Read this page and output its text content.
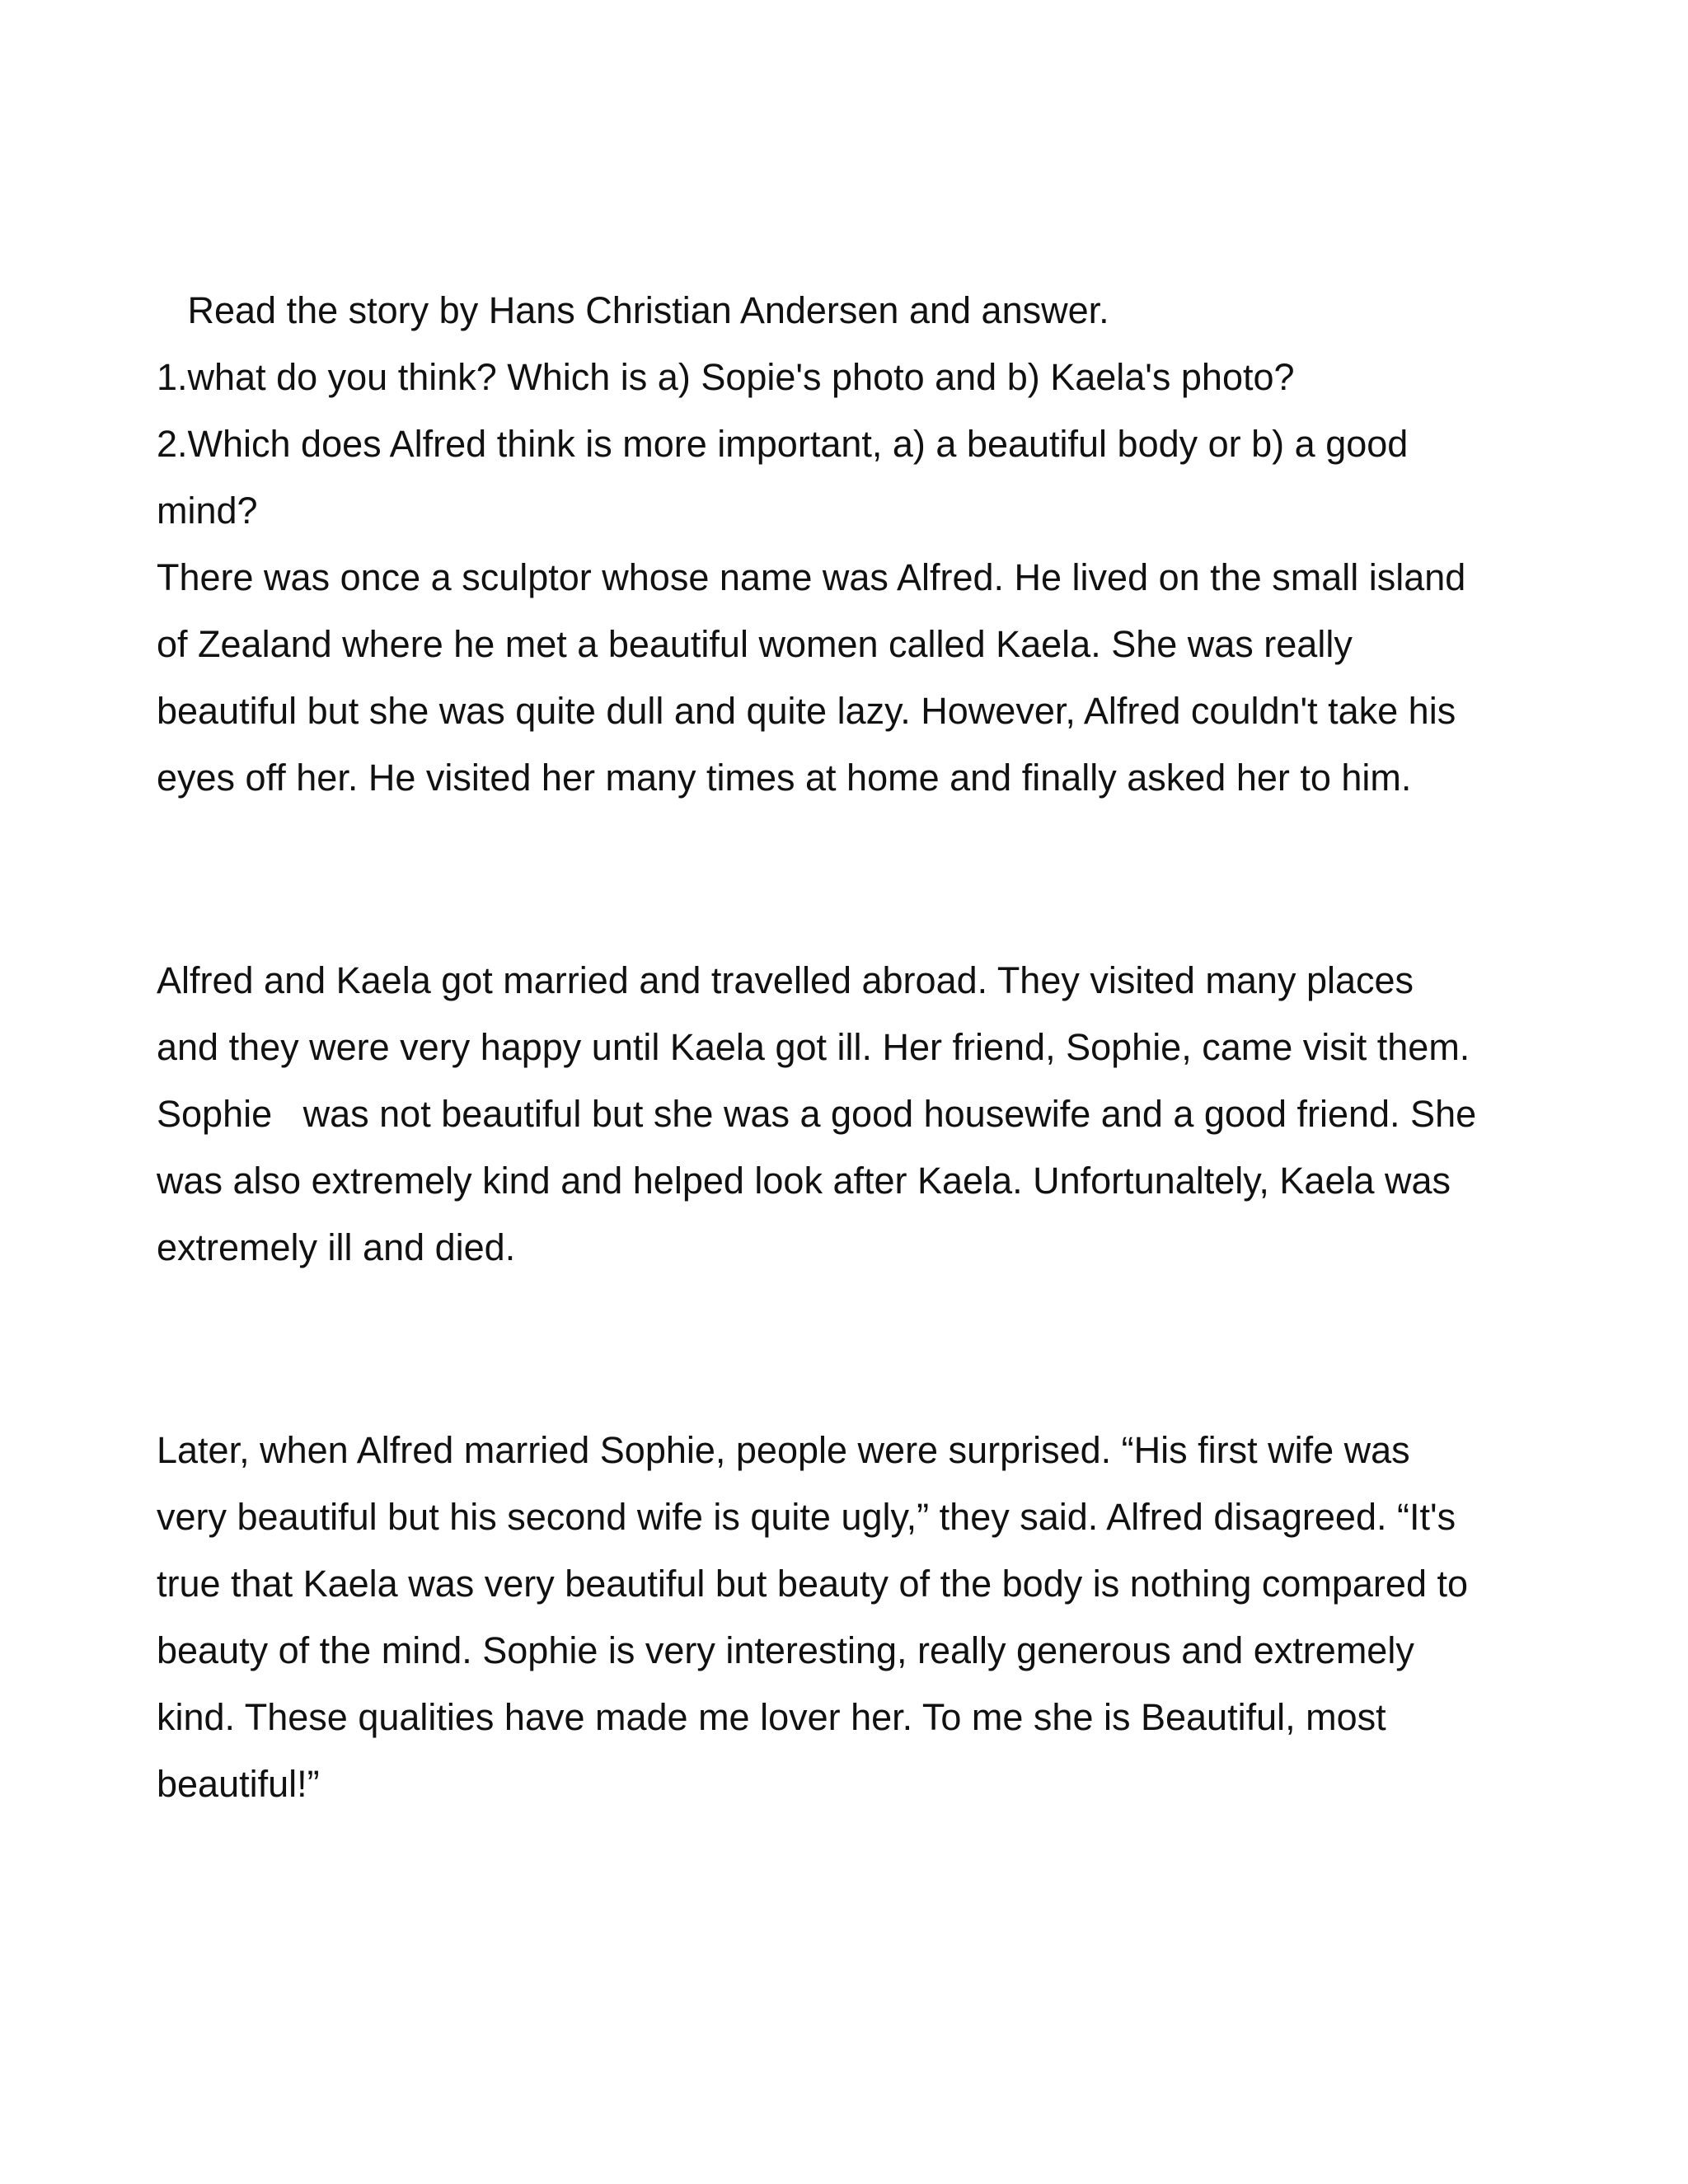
Read the story by Hans Christian Andersen and answer.

1.what do you think? Which is a) Sopie's photo and b) Kaela's photo?

2.Which does Alfred think is more important, a) a beautiful body or b) a good

mind?

There was once a sculptor whose name was Alfred. He lived on the small island

of Zealand where he met a beautiful women called Kaela. She was really

beautiful but she was quite dull and quite lazy. However, Alfred couldn't take his

eyes off her. He visited her many times at home and finally asked her to him.

Alfred and Kaela got married and travelled abroad. They visited many places

and they were very happy until Kaela got ill. Her friend, Sophie, came visit them.

Sophie   was not beautiful but she was a good housewife and a good friend. She

was also extremely kind and helped look after Kaela. Unfortunaltely, Kaela was

extremely ill and died.

Later, when Alfred married Sophie, people were surprised. “His first wife was

very beautiful but his second wife is quite ugly,” they said. Alfred disagreed. “It's

true that Kaela was very beautiful but beauty of the body is nothing compared to

beauty of the mind. Sophie is very interesting, really generous and extremely

kind. These qualities have made me lover her. To me she is Beautiful, most

beautiful!”
